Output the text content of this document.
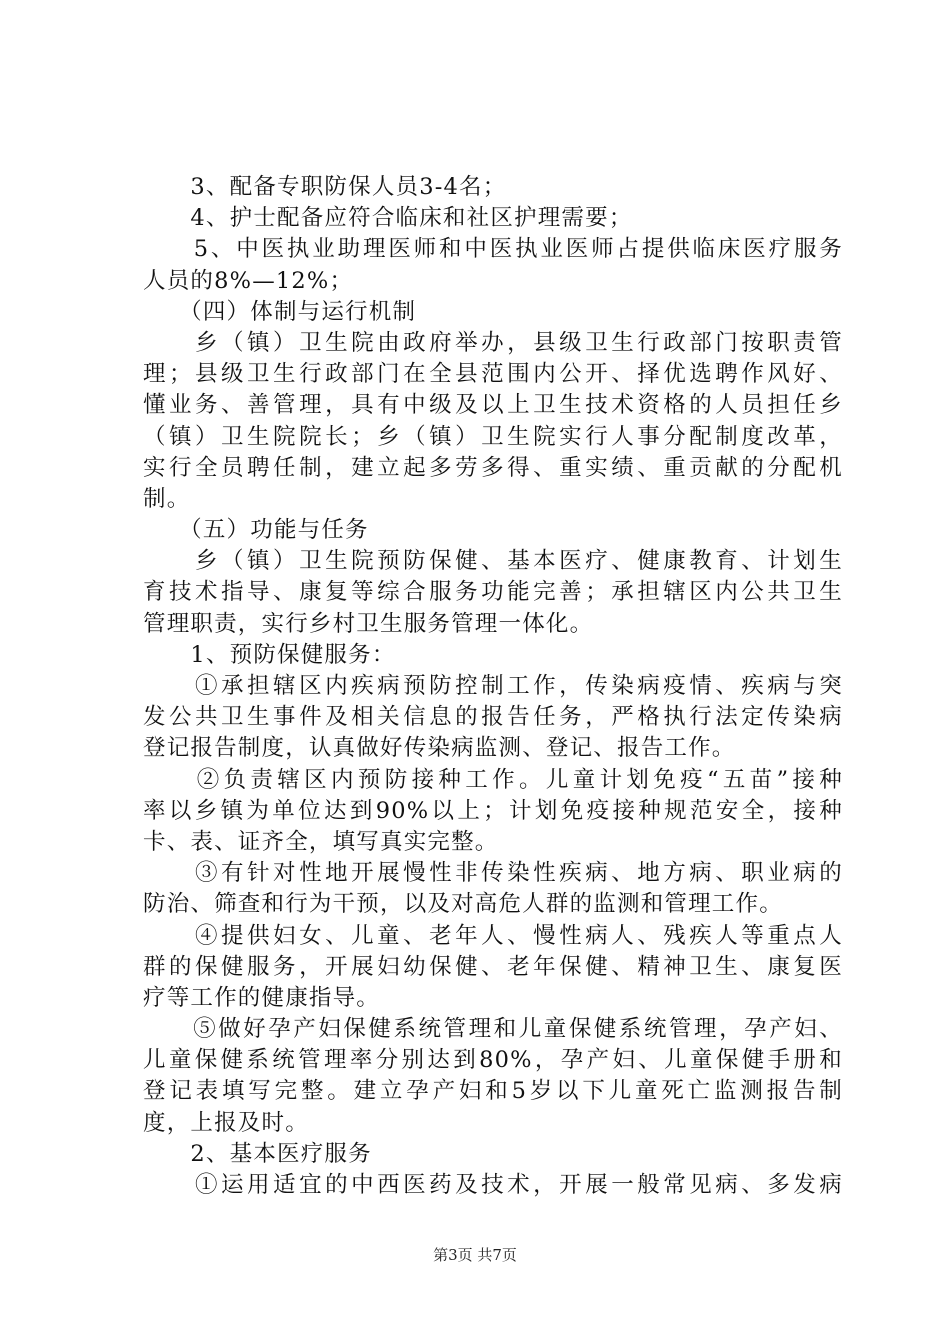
　　3、配备专职防保人员3-4名；
　　4、护士配备应符合临床和社区护理需要；
　　5、中医执业助理医师和中医执业医师占提供临床医疗服务
人员的8%—12%；
　　（四）体制与运行机制
　　乡（镇）卫生院由政府举办，县级卫生行政部门按职责管
理；县级卫生行政部门在全县范围内公开、择优选聘作风好、
懂业务、善管理，具有中级及以上卫生技术资格的人员担任乡
（镇）卫生院院长；乡（镇）卫生院实行人事分配制度改革，
实行全员聘任制，建立起多劳多得、重实绩、重贡献的分配机
制。
　　（五）功能与任务
　　乡（镇）卫生院预防保健、基本医疗、健康教育、计划生
育技术指导、康复等综合服务功能完善；承担辖区内公共卫生
管理职责，实行乡村卫生服务管理一体化。
　　1、预防保健服务：
　　①承担辖区内疾病预防控制工作，传染病疫情、疾病与突
发公共卫生事件及相关信息的报告任务，严格执行法定传染病
登记报告制度，认真做好传染病监测、登记、报告工作。
　　②负责辖区内预防接种工作。儿童计划免疫“五苗”接种
率以乡镇为单位达到90%以上；计划免疫接种规范安全，接种
卡、表、证齐全，填写真实完整。
　　③有针对性地开展慢性非传染性疾病、地方病、职业病的
防治、筛查和行为干预，以及对高危人群的监测和管理工作。
　　④提供妇女、儿童、老年人、慢性病人、残疾人等重点人
群的保健服务，开展妇幼保健、老年保健、精神卫生、康复医
疗等工作的健康指导。
　　⑤做好孕产妇保健系统管理和儿童保健系统管理，孕产妇、
儿童保健系统管理率分别达到80%，孕产妇、儿童保健手册和
登记表填写完整。建立孕产妇和5岁以下儿童死亡监测报告制
度，上报及时。
　　2、基本医疗服务
　　①运用适宜的中西医药及技术，开展一般常见病、多发病
第3页 共7页
